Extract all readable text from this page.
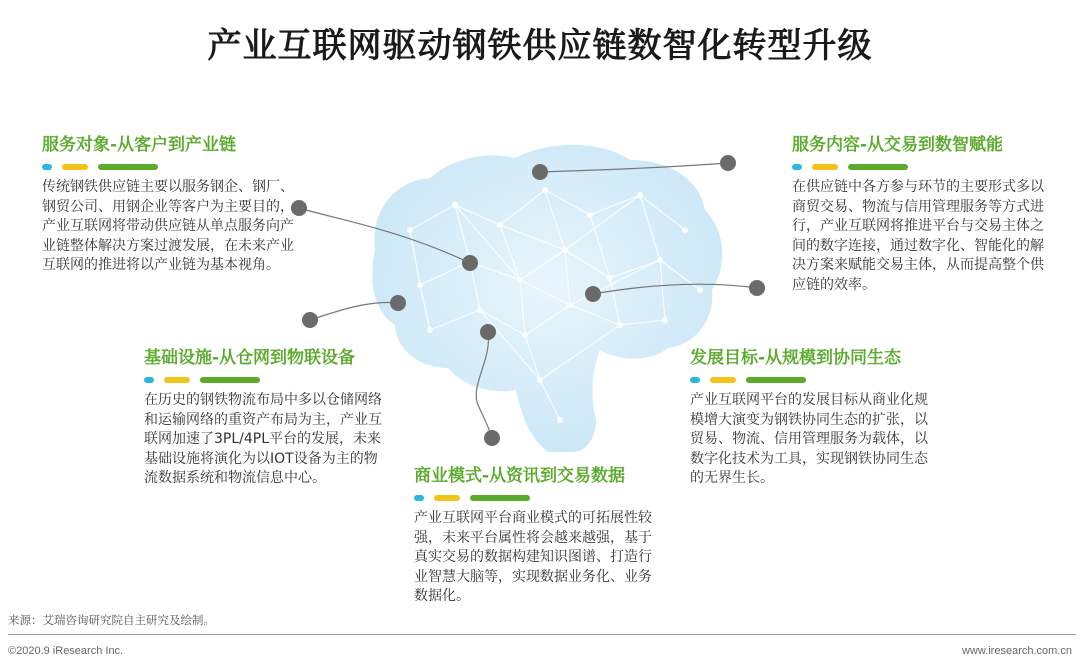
产业互联网驱动钢铁供应链数智化转型升级
服务对象-从客户到产业链
传统钢铁供应链主要以服务钢企、钢厂、钢贸公司、用钢企业等客户为主要目的，产业互联网将带动供应链从单点服务向产业链整体解决方案过渡发展，在未来产业互联网的推进将以产业链为基本视角。
服务内容-从交易到数智赋能
在供应链中各方参与环节的主要形式多以商贸交易、物流与信用管理服务等方式进行，产业互联网将推进平台与交易主体之间的数字连接，通过数字化、智能化的解决方案来赋能交易主体，从而提高整个供应链的效率。
基础设施-从仓网到物联设备
在历史的钢铁物流布局中多以仓储网络和运输网络的重资产布局为主，产业互联网加速了3PL/4PL平台的发展，未来基础设施将演化为以IOT设备为主的物流数据系统和物流信息中心。
发展目标-从规模到协同生态
产业互联网平台的发展目标从商业化规模增大演变为钢铁协同生态的扩张，以贸易、物流、信用管理服务为载体，以数字化技术为工具，实现钢铁协同生态的无界生长。
商业模式-从资讯到交易数据
产业互联网平台商业模式的可拓展性较强，未来平台属性将会越来越强，基于真实交易的数据构建知识图谱、打造行业智慧大脑等，实现数据业务化、业务数据化。
来源：艾瑞咨询研究院自主研究及绘制。
©2020.9 iResearch Inc.	www.iresearch.com.cn
